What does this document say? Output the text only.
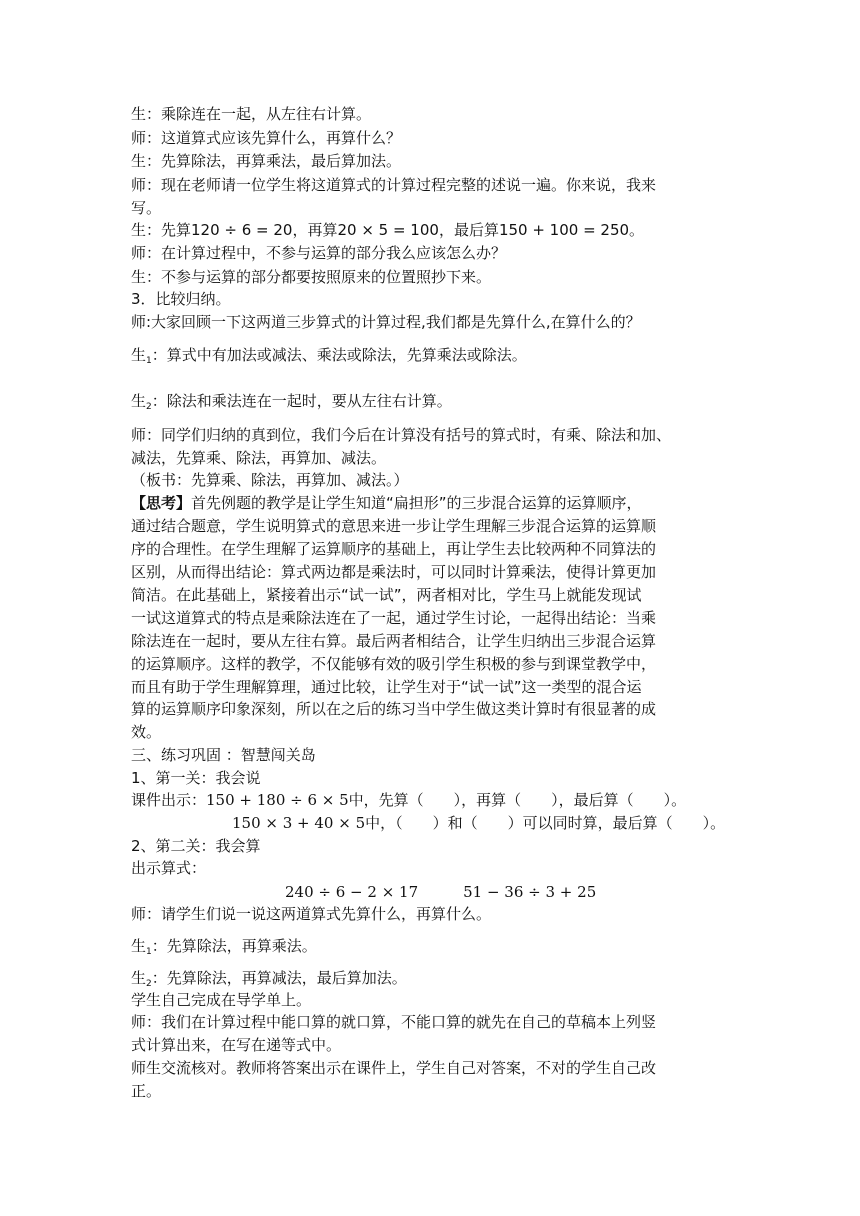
生：乘除连在一起，从左往右计算。
师：这道算式应该先算什么，再算什么？
生：先算除法，再算乘法，最后算加法。
师：现在老师请一位学生将这道算式的计算过程完整的述说一遍。你来说，我来
写。
生：先算120 ÷ 6 = 20，再算20 × 5 = 100，最后算150 + 100 = 250。
师：在计算过程中，不参与运算的部分我么应该怎么办？
生：不参与运算的部分都要按照原来的位置照抄下来。
3．比较归纳。
师:大家回顾一下这两道三步算式的计算过程,我们都是先算什么,在算什么的？
生$_1$：算式中有加法或减法、乘法或除法，先算乘法或除法。
生$_2$：除法和乘法连在一起时，要从左往右计算。
师：同学们归纳的真到位，我们今后在计算没有括号的算式时，有乘、除法和加、
减法，先算乘、除法，再算加、减法。
（板书：先算乘、除法，再算加、减法。）
【思考】首先例题的教学是让学生知道“扁担形”的三步混合运算的运算顺序，
通过结合题意，学生说明算式的意思来进一步让学生理解三步混合运算的运算顺
序的合理性。在学生理解了运算顺序的基础上，再让学生去比较两种不同算法的
区别，从而得出结论：算式两边都是乘法时，可以同时计算乘法，使得计算更加
简洁。在此基础上，紧接着出示“试一试”，两者相对比，学生马上就能发现试
一试这道算式的特点是乘除法连在了一起，通过学生讨论，一起得出结论：当乘
除法连在一起时，要从左往右算。最后两者相结合，让学生归纳出三步混合运算
的运算顺序。这样的教学，不仅能够有效的吸引学生积极的参与到课堂教学中，
而且有助于学生理解算理，通过比较，让学生对于“试一试”这一类型的混合运
算的运算顺序印象深刻，所以在之后的练习当中学生做这类计算时有很显著的成
效。
三、练习巩固 ：智慧闯关岛
1、第一关：我会说
课件出示：150 + 180 ÷ 6 × 5中，先算（　　），再算（　　），最后算（　　）。
150 × 3 + 40 × 5中，（　　）和（　　）可以同时算，最后算（　　）。
2、第二关：我会算
出示算式：
240 ÷ 6 − 2 × 17　　　51 − 36 ÷ 3 + 25
师：请学生们说一说这两道算式先算什么，再算什么。
生$_1$：先算除法，再算乘法。
生$_2$：先算除法，再算减法，最后算加法。
学生自己完成在导学单上。
师：我们在计算过程中能口算的就口算，不能口算的就先在自己的草稿本上列竖
式计算出来，在写在递等式中。
师生交流核对。教师将答案出示在课件上，学生自己对答案，不对的学生自己改
正。
